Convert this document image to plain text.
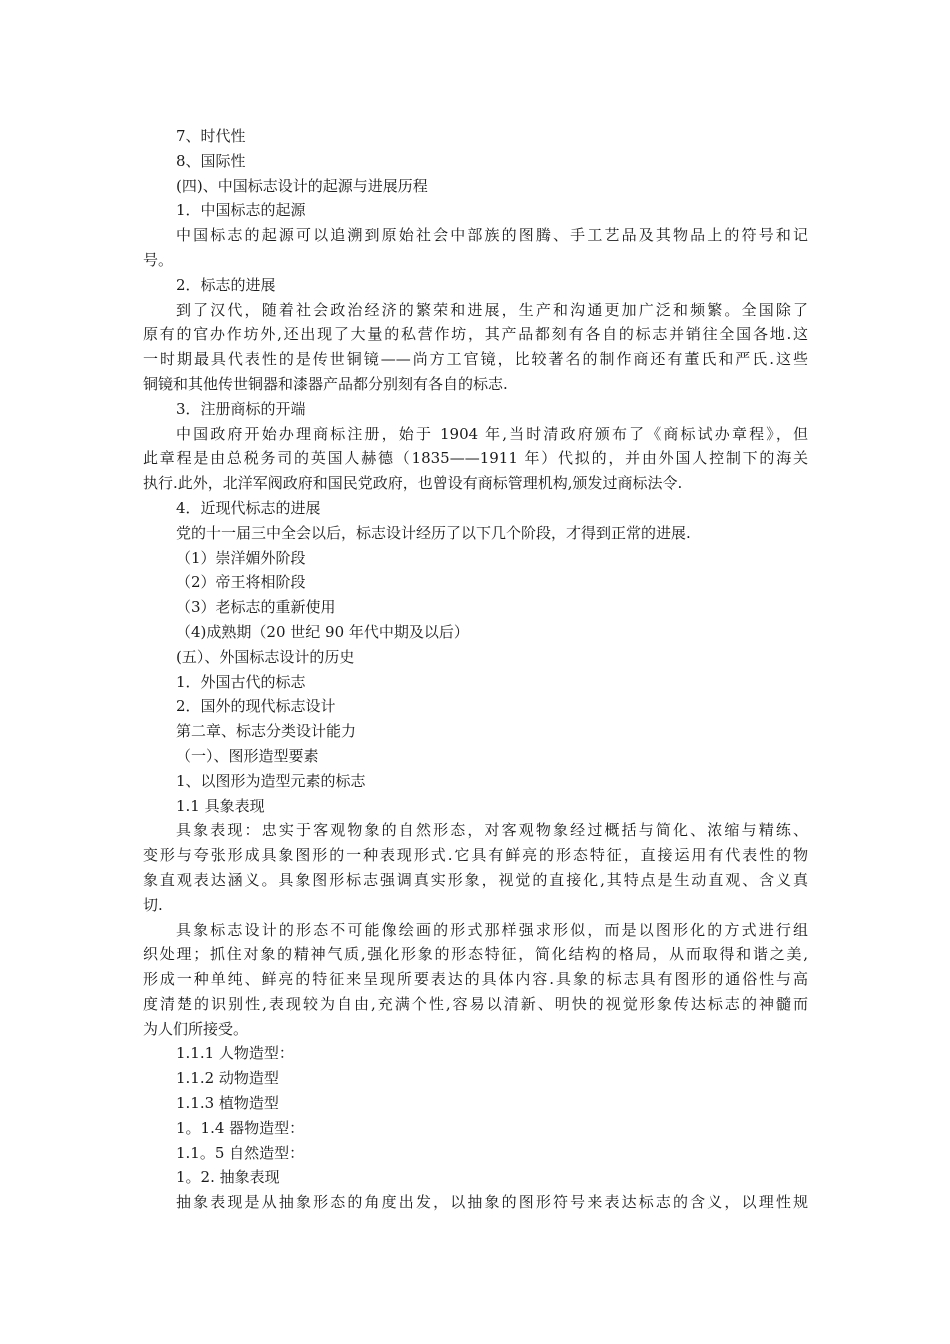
7、时代性

8、国际性

(四)、中国标志设计的起源与进展历程

1．中国标志的起源

中国标志的起源可以追溯到原始社会中部族的图腾、手工艺品及其物品上的符号和记

号。

2．标志的进展

到了汉代，随着社会政治经济的繁荣和进展，生产和沟通更加广泛和频繁。全国除了

原有的官办作坊外,还出现了大量的私营作坊，其产品都刻有各自的标志并销往全国各地.这

一时期最具代表性的是传世铜镜——尚方工官镜，比较著名的制作商还有董氏和严氏.这些

铜镜和其他传世铜器和漆器产品都分别刻有各自的标志.

3．注册商标的开端

中国政府开始办理商标注册，始于 1904 年,当时清政府颁布了《商标试办章程》，但

此章程是由总税务司的英国人赫德（1835——1911 年）代拟的，并由外国人控制下的海关

执行.此外，北洋军阀政府和国民党政府，也曾设有商标管理机构,颁发过商标法令.

4．近现代标志的进展

党的十一届三中全会以后，标志设计经历了以下几个阶段，才得到正常的进展.

（1）崇洋媚外阶段

（2）帝王将相阶段

（3）老标志的重新使用

（4)成熟期（20 世纪 90 年代中期及以后）

(五）、外国标志设计的历史

1．外国古代的标志

2．国外的现代标志设计

第二章、标志分类设计能力

（一）、图形造型要素

1、以图形为造型元素的标志

1.1 具象表现

具象表现：忠实于客观物象的自然形态，对客观物象经过概括与简化、浓缩与精练、

变形与夸张形成具象图形的一种表现形式.它具有鲜亮的形态特征，直接运用有代表性的物

象直观表达涵义。具象图形标志强调真实形象，视觉的直接化,其特点是生动直观、含义真

切.

具象标志设计的形态不可能像绘画的形式那样强求形似，而是以图形化的方式进行组

织处理；抓住对象的精神气质,强化形象的形态特征，简化结构的格局，从而取得和谐之美,

形成一种单纯、鲜亮的特征来呈现所要表达的具体内容.具象的标志具有图形的通俗性与高

度清楚的识别性,表现较为自由,充满个性,容易以清新、明快的视觉形象传达标志的神髓而

为人们所接受。

1.1.1 人物造型：

1.1.2 动物造型

1.1.3 植物造型

1。1.4 器物造型：

1.1。5 自然造型：

1。2. 抽象表现

抽象表现是从抽象形态的角度出发，以抽象的图形符号来表达标志的含义，以理性规
